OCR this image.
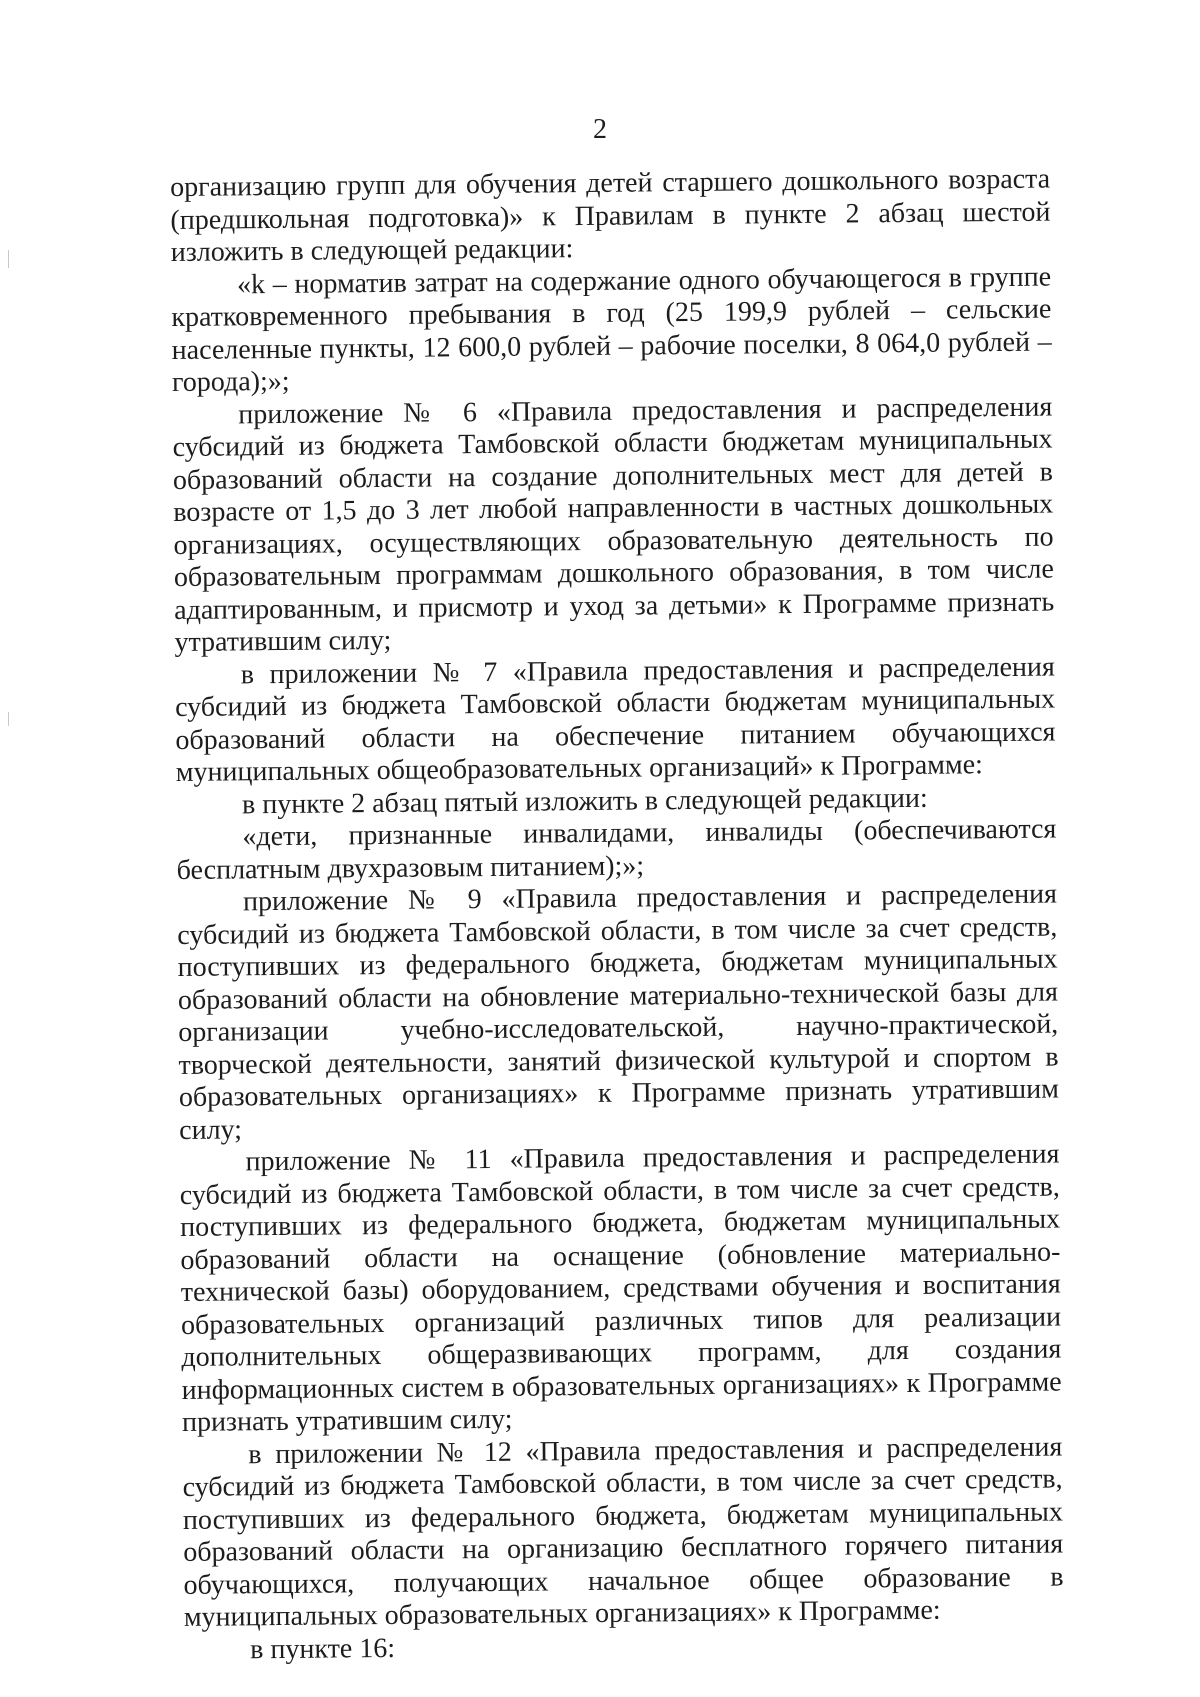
2

организацию групп для обучения детей старшего дошкольного возраста (предшкольная подготовка)» к Правилам в пункте 2 абзац шестой изложить в следующей редакции:

«k – норматив затрат на содержание одного обучающегося в группе кратковременного пребывания в год (25 199,9 рублей – сельские населенные пункты, 12 600,0 рублей – рабочие поселки, 8 064,0 рублей – города);»;

приложение № 6 «Правила предоставления и распределения субсидий из бюджета Тамбовской области бюджетам муниципальных образований области на создание дополнительных мест для детей в возрасте от 1,5 до 3 лет любой направленности в частных дошкольных организациях, осуществляющих образовательную деятельность по образовательным программам дошкольного образования, в том числе адаптированным, и присмотр и уход за детьми» к Программе признать утратившим силу;

в приложении № 7 «Правила предоставления и распределения субсидий из бюджета Тамбовской области бюджетам муниципальных образований области на обеспечение питанием обучающихся муниципальных общеобразовательных организаций» к Программе:

в пункте 2 абзац пятый изложить в следующей редакции:

«дети, признанные инвалидами, инвалиды (обеспечиваются бесплатным двухразовым питанием);»;

приложение № 9 «Правила предоставления и распределения субсидий из бюджета Тамбовской области, в том числе за счет средств, поступивших из федерального бюджета, бюджетам муниципальных образований области на обновление материально-технической базы для организации учебно-исследовательской, научно-практической, творческой деятельности, занятий физической культурой и спортом в образовательных организациях» к Программе признать утратившим силу;

приложение № 11 «Правила предоставления и распределения субсидий из бюджета Тамбовской области, в том числе за счет средств, поступивших из федерального бюджета, бюджетам муниципальных образований области на оснащение (обновление материально-технической базы) оборудованием, средствами обучения и воспитания образовательных организаций различных типов для реализации дополнительных общеразвивающих программ, для создания информационных систем в образовательных организациях» к Программе признать утратившим силу;

в приложении № 12 «Правила предоставления и распределения субсидий из бюджета Тамбовской области, в том числе за счет средств, поступивших из федерального бюджета, бюджетам муниципальных образований области на организацию бесплатного горячего питания обучающихся, получающих начальное общее образование в муниципальных образовательных организациях» к Программе:

в пункте 16:
